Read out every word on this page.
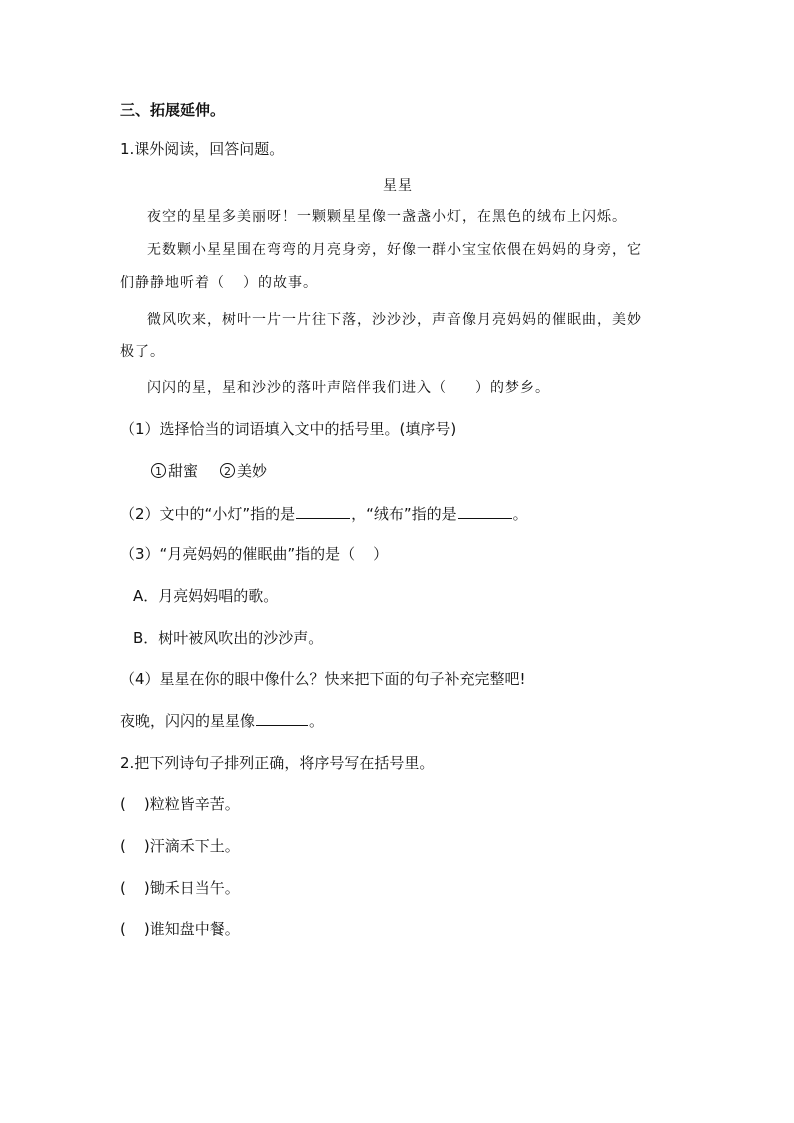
三、拓展延伸。
1.课外阅读，回答问题。
星星
夜空的星星多美丽呀！一颗颗星星像一盏盏小灯，在黑色的绒布上闪烁。
无数颗小星星围在弯弯的月亮身旁，好像一群小宝宝依偎在妈妈的身旁，它
们静静地听着（ ）的故事。
微风吹来，树叶一片一片往下落，沙沙沙，声音像月亮妈妈的催眠曲，美妙
极了。
闪闪的星，星和沙沙的落叶声陪伴我们进入（ ）的梦乡。
（1）选择恰当的词语填入文中的括号里。(填序号)
1 甜蜜 2 美妙
（2）文中的“小灯”指的是	，“绒布”指的是	。
（3）“月亮妈妈的催眠曲”指的是（ ）
A．月亮妈妈唱的歌。
B．树叶被风吹出的沙沙声。
（4）星星在你的眼中像什么？快来把下面的句子补充完整吧!
夜晚，闪闪的星星像	。
2.把下列诗句子排列正确，将序号写在括号里。
( )粒粒皆辛苦。
( )汗滴禾下土。
( )锄禾日当午。
( )谁知盘中餐。
